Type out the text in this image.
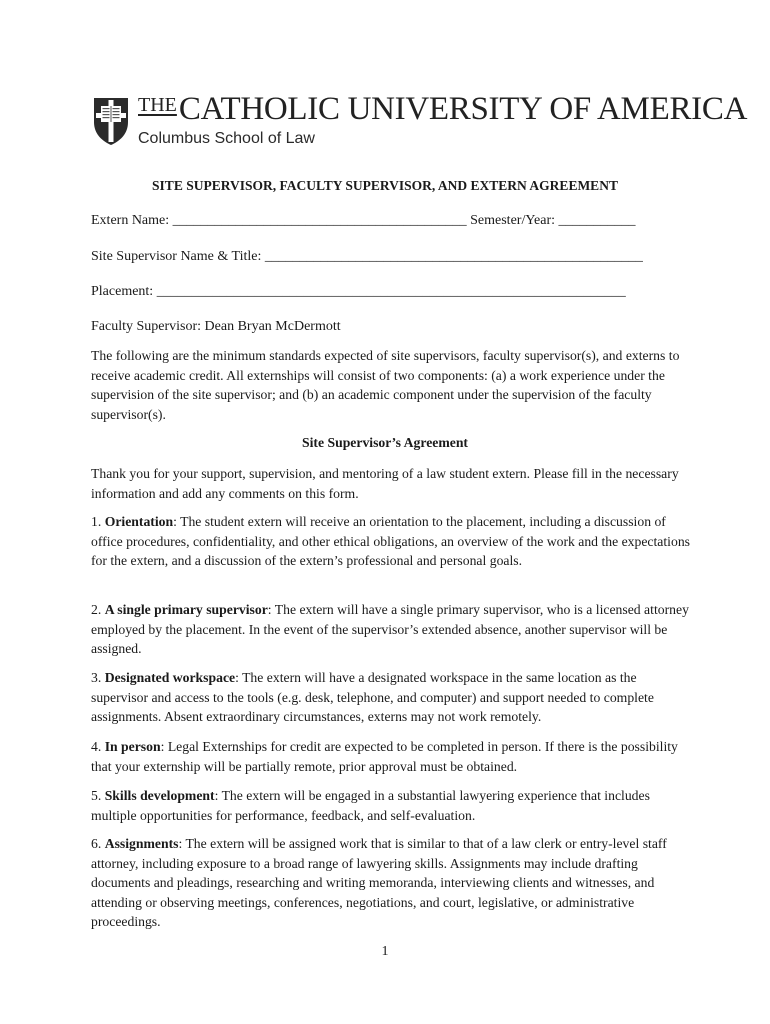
$^{THE}$CATHOLIC UNIVERSITY OF AMERICA
Columbus School of Law

SITE SUPERVISOR, FACULTY SUPERVISOR, AND EXTERN AGREEMENT

Extern Name: __________________________________________ Semester/Year: ___________

Site Supervisor Name & Title: ______________________________________________________

Placement: ___________________________________________________________________

Faculty Supervisor: Dean Bryan McDermott

The following are the minimum standards expected of site supervisors, faculty supervisor(s), and externs to receive academic credit. All externships will consist of two components: (a) a work experience under the supervision of the site supervisor; and (b) an academic component under the supervision of the faculty supervisor(s).

Site Supervisor’s Agreement

Thank you for your support, supervision, and mentoring of a law student extern. Please fill in the necessary information and add any comments on this form.

1. Orientation: The student extern will receive an orientation to the placement, including a discussion of office procedures, confidentiality, and other ethical obligations, an overview of the work and the expectations for the extern, and a discussion of the extern’s professional and personal goals.

2. A single primary supervisor: The extern will have a single primary supervisor, who is a licensed attorney employed by the placement. In the event of the supervisor’s extended absence, another supervisor will be assigned.

3. Designated workspace: The extern will have a designated workspace in the same location as the supervisor and access to the tools (e.g. desk, telephone, and computer) and support needed to complete assignments. Absent extraordinary circumstances, externs may not work remotely.

4. In person: Legal Externships for credit are expected to be completed in person. If there is the possibility that your externship will be partially remote, prior approval must be obtained.

5. Skills development: The extern will be engaged in a substantial lawyering experience that includes multiple opportunities for performance, feedback, and self-evaluation.

6. Assignments: The extern will be assigned work that is similar to that of a law clerk or entry-level staff attorney, including exposure to a broad range of lawyering skills. Assignments may include drafting documents and pleadings, researching and writing memoranda, interviewing clients and witnesses, and attending or observing meetings, conferences, negotiations, and court, legislative, or administrative proceedings.

1
